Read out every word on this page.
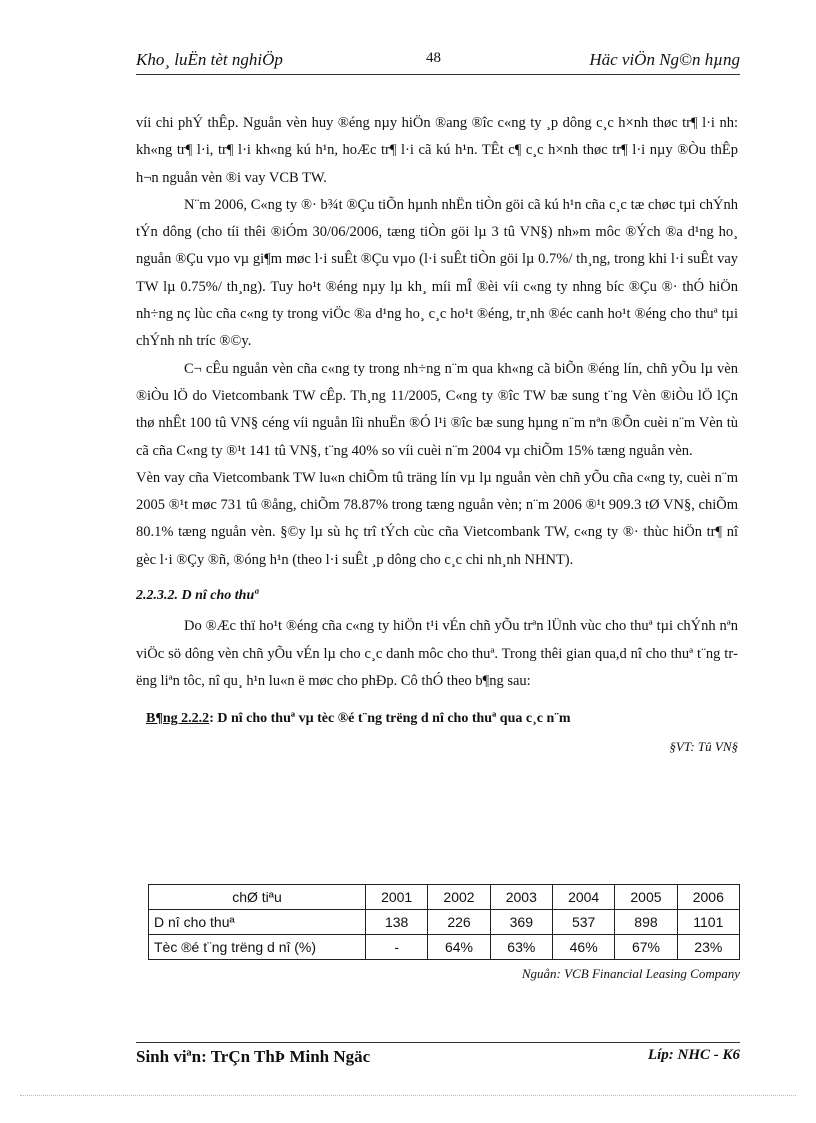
Kho¸ luËn tèt nghiÖp	48	Häc viÖn Ng©n hµng

víi chi phÝ thÊp. Nguån vèn huy ®éng nµy hiÖn ®ang ®îc c«ng ty ¸p dông c¸c h×nh thøc tr¶ l·i nh: kh«ng tr¶ l·i, tr¶ l·i kh«ng kú h¹n, hoÆc tr¶ l·i cã kú h¹n. TÊt c¶ c¸c h×nh thøc tr¶ l·i nµy ®Òu thÊp h¬n nguån vèn ®i vay VCB TW.

N¨m 2006, C«ng ty ®· b¾t ®Çu tiÕn hµnh nhËn tiÒn göi cã kú h¹n cña c¸c tæ chøc tµi chÝnh tÝn dông (cho tíi thêi ®iÓm 30/06/2006, tæng tiÒn göi lµ 3 tû VN§) nh»m môc ®Ých ®a d¹ng ho¸ nguån ®Çu vµo vµ gi¶m møc l·i suÊt ®Çu vµo (l·i suÊt tiÒn göi lµ 0.7%/ th¸ng, trong khi l·i suÊt vay TW lµ 0.75%/ th¸ng). Tuy ho¹t ®éng nµy lµ kh¸ míi mÎ ®èi víi c«ng ty nhng bíc ®Çu ®· thÓ hiÖn nh÷ng nç lùc cña c«ng ty trong viÖc ®a d¹ng ho¸ c¸c ho¹t ®éng, tr¸nh ®éc canh ho¹t ®éng cho thuª tµi chÝnh nh tríc ®©y.

C¬ cÊu nguån vèn cña c«ng ty trong nh÷ng n¨m qua kh«ng cã biÕn ®éng lín, chñ yÕu lµ vèn ®iÒu lÖ do Vietcombank TW cÊp. Th¸ng 11/2005, C«ng ty ®îc TW bæ sung t¨ng Vèn ®iÒu lÖ lÇn thø nhÊt 100 tû VN§ céng víi nguån lîi nhuËn ®Ó l¹i ®îc bæ sung hµng n¨m nªn ®Õn cuèi n¨m Vèn tù cã cña C«ng ty ®¹t 141 tû VN§, t¨ng 40% so víi cuèi n¨m 2004 vµ chiÕm 15% tæng nguån vèn.

Vèn vay cña Vietcombank TW lu«n chiÕm tû träng lín vµ lµ nguån vèn chñ yÕu cña c«ng ty, cuèi n¨m 2005 ®¹t møc 731 tû ®ång, chiÕm 78.87% trong tæng nguån vèn; n¨m 2006 ®¹t 909.3 tØ VN§, chiÕm 80.1% tæng nguån vèn. §©y lµ sù hç trî tÝch cùc cña Vietcombank TW, c«ng ty ®· thùc hiÖn tr¶ nî gèc l·i ®Çy ®ñ, ®óng h¹n (theo l·i suÊt ¸p dông cho c¸c chi nh¸nh NHNT).

2.2.3.2. D nî cho thuª

Do ®Æc thï ho¹t ®éng cña c«ng ty hiÖn t¹i vÉn chñ yÕu trªn lÜnh vùc cho thuª tµi chÝnh nªn viÖc sö dông vèn chñ yÕu vÉn lµ cho c¸c danh môc cho thuª. Trong thêi gian qua,d nî cho thuª t¨ng trëng liªn tôc, nî qu¸ h¹n lu«n ë møc cho phÐp. Cô thÓ theo b¶ng sau:

B¶ng 2.2.2: D nî cho thuª vµ tèc ®é t¨ng trëng d nî cho thuª qua c¸c n¨m

§VT: Tû VN§
chØ tiªu	2001	2002	2003	2004	2005	2006
D nî cho thuª	138	226	369	537	898	1101
Tèc ®é t¨ng trëng d nî (%)	-	64%	63%	46%	67%	23%
Nguån: VCB Financial Leasing Company
Sinh viªn: TrÇn ThÞ Minh Ngäc	Líp: NHC - K6
